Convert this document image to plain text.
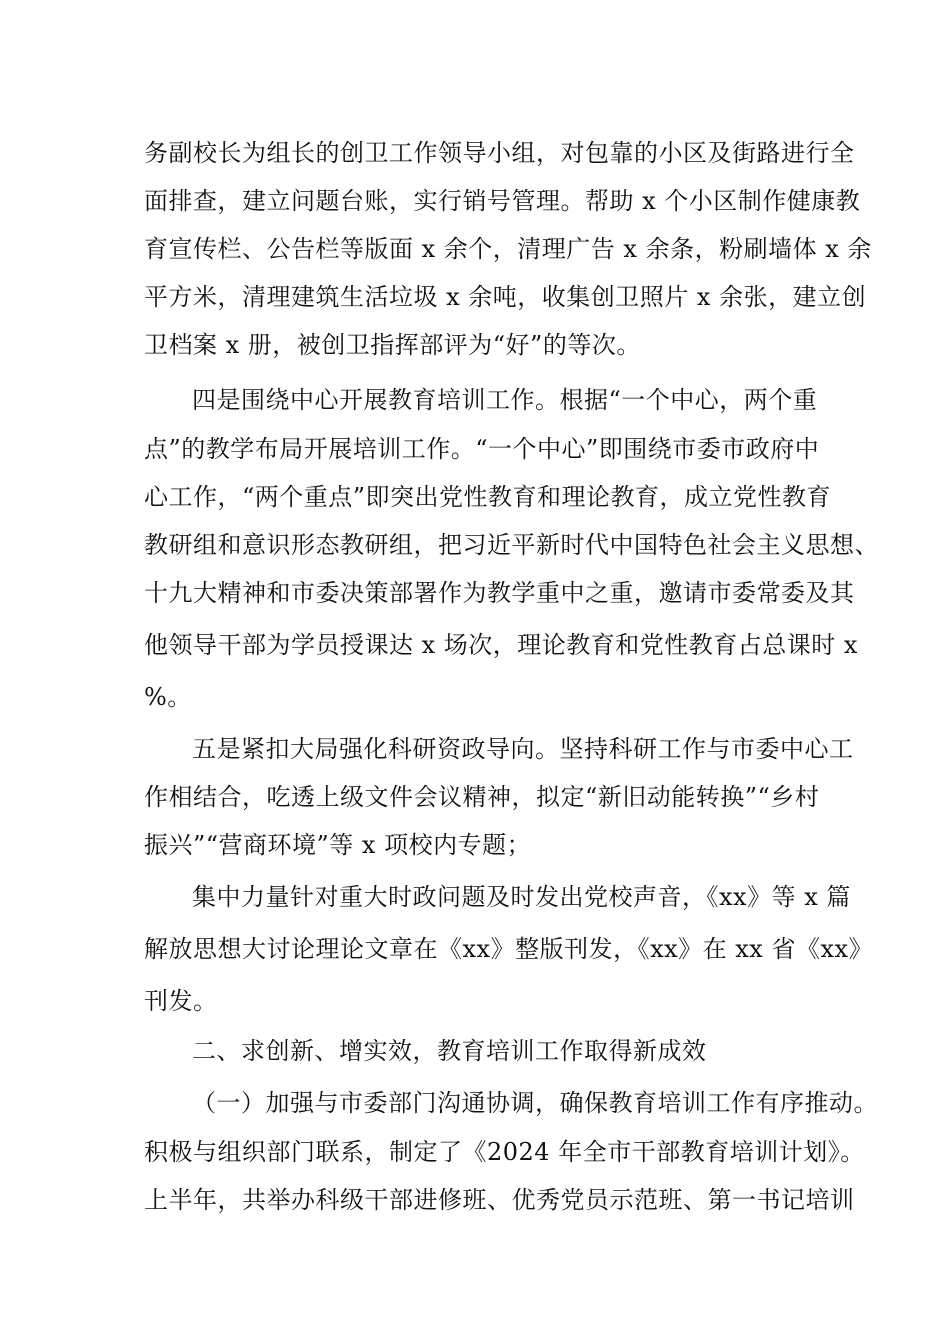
务副校长为组长的创卫工作领导小组，对包靠的小区及街路进行全
面排查，建立问题台账，实行销号管理。帮助 x 个小区制作健康教
育宣传栏、公告栏等版面 x 余个，清理广告 x 余条，粉刷墙体 x 余
平方米，清理建筑生活垃圾 x 余吨，收集创卫照片 x 余张，建立创
卫档案 x 册，被创卫指挥部评为“好”的等次。
四是围绕中心开展教育培训工作。根据“一个中心，两个重
点”的教学布局开展培训工作。“一个中心”即围绕市委市政府中
心工作，“两个重点”即突出党性教育和理论教育，成立党性教育
教研组和意识形态教研组，把习近平新时代中国特色社会主义思想、
十九大精神和市委决策部署作为教学重中之重，邀请市委常委及其
他领导干部为学员授课达 x 场次，理论教育和党性教育占总课时 x
%。
五是紧扣大局强化科研资政导向。坚持科研工作与市委中心工
作相结合，吃透上级文件会议精神，拟定“新旧动能转换”“乡村
振兴”“营商环境”等 x 项校内专题；
集中力量针对重大时政问题及时发出党校声音，《xx》等 x 篇
解放思想大讨论理论文章在《xx》整版刊发，《xx》在 xx 省《xx》
刊发。
二、求创新、增实效，教育培训工作取得新成效
（一）加强与市委部门沟通协调，确保教育培训工作有序推动。
积极与组织部门联系，制定了《2024 年全市干部教育培训计划》。
上半年，共举办科级干部进修班、优秀党员示范班、第一书记培训
